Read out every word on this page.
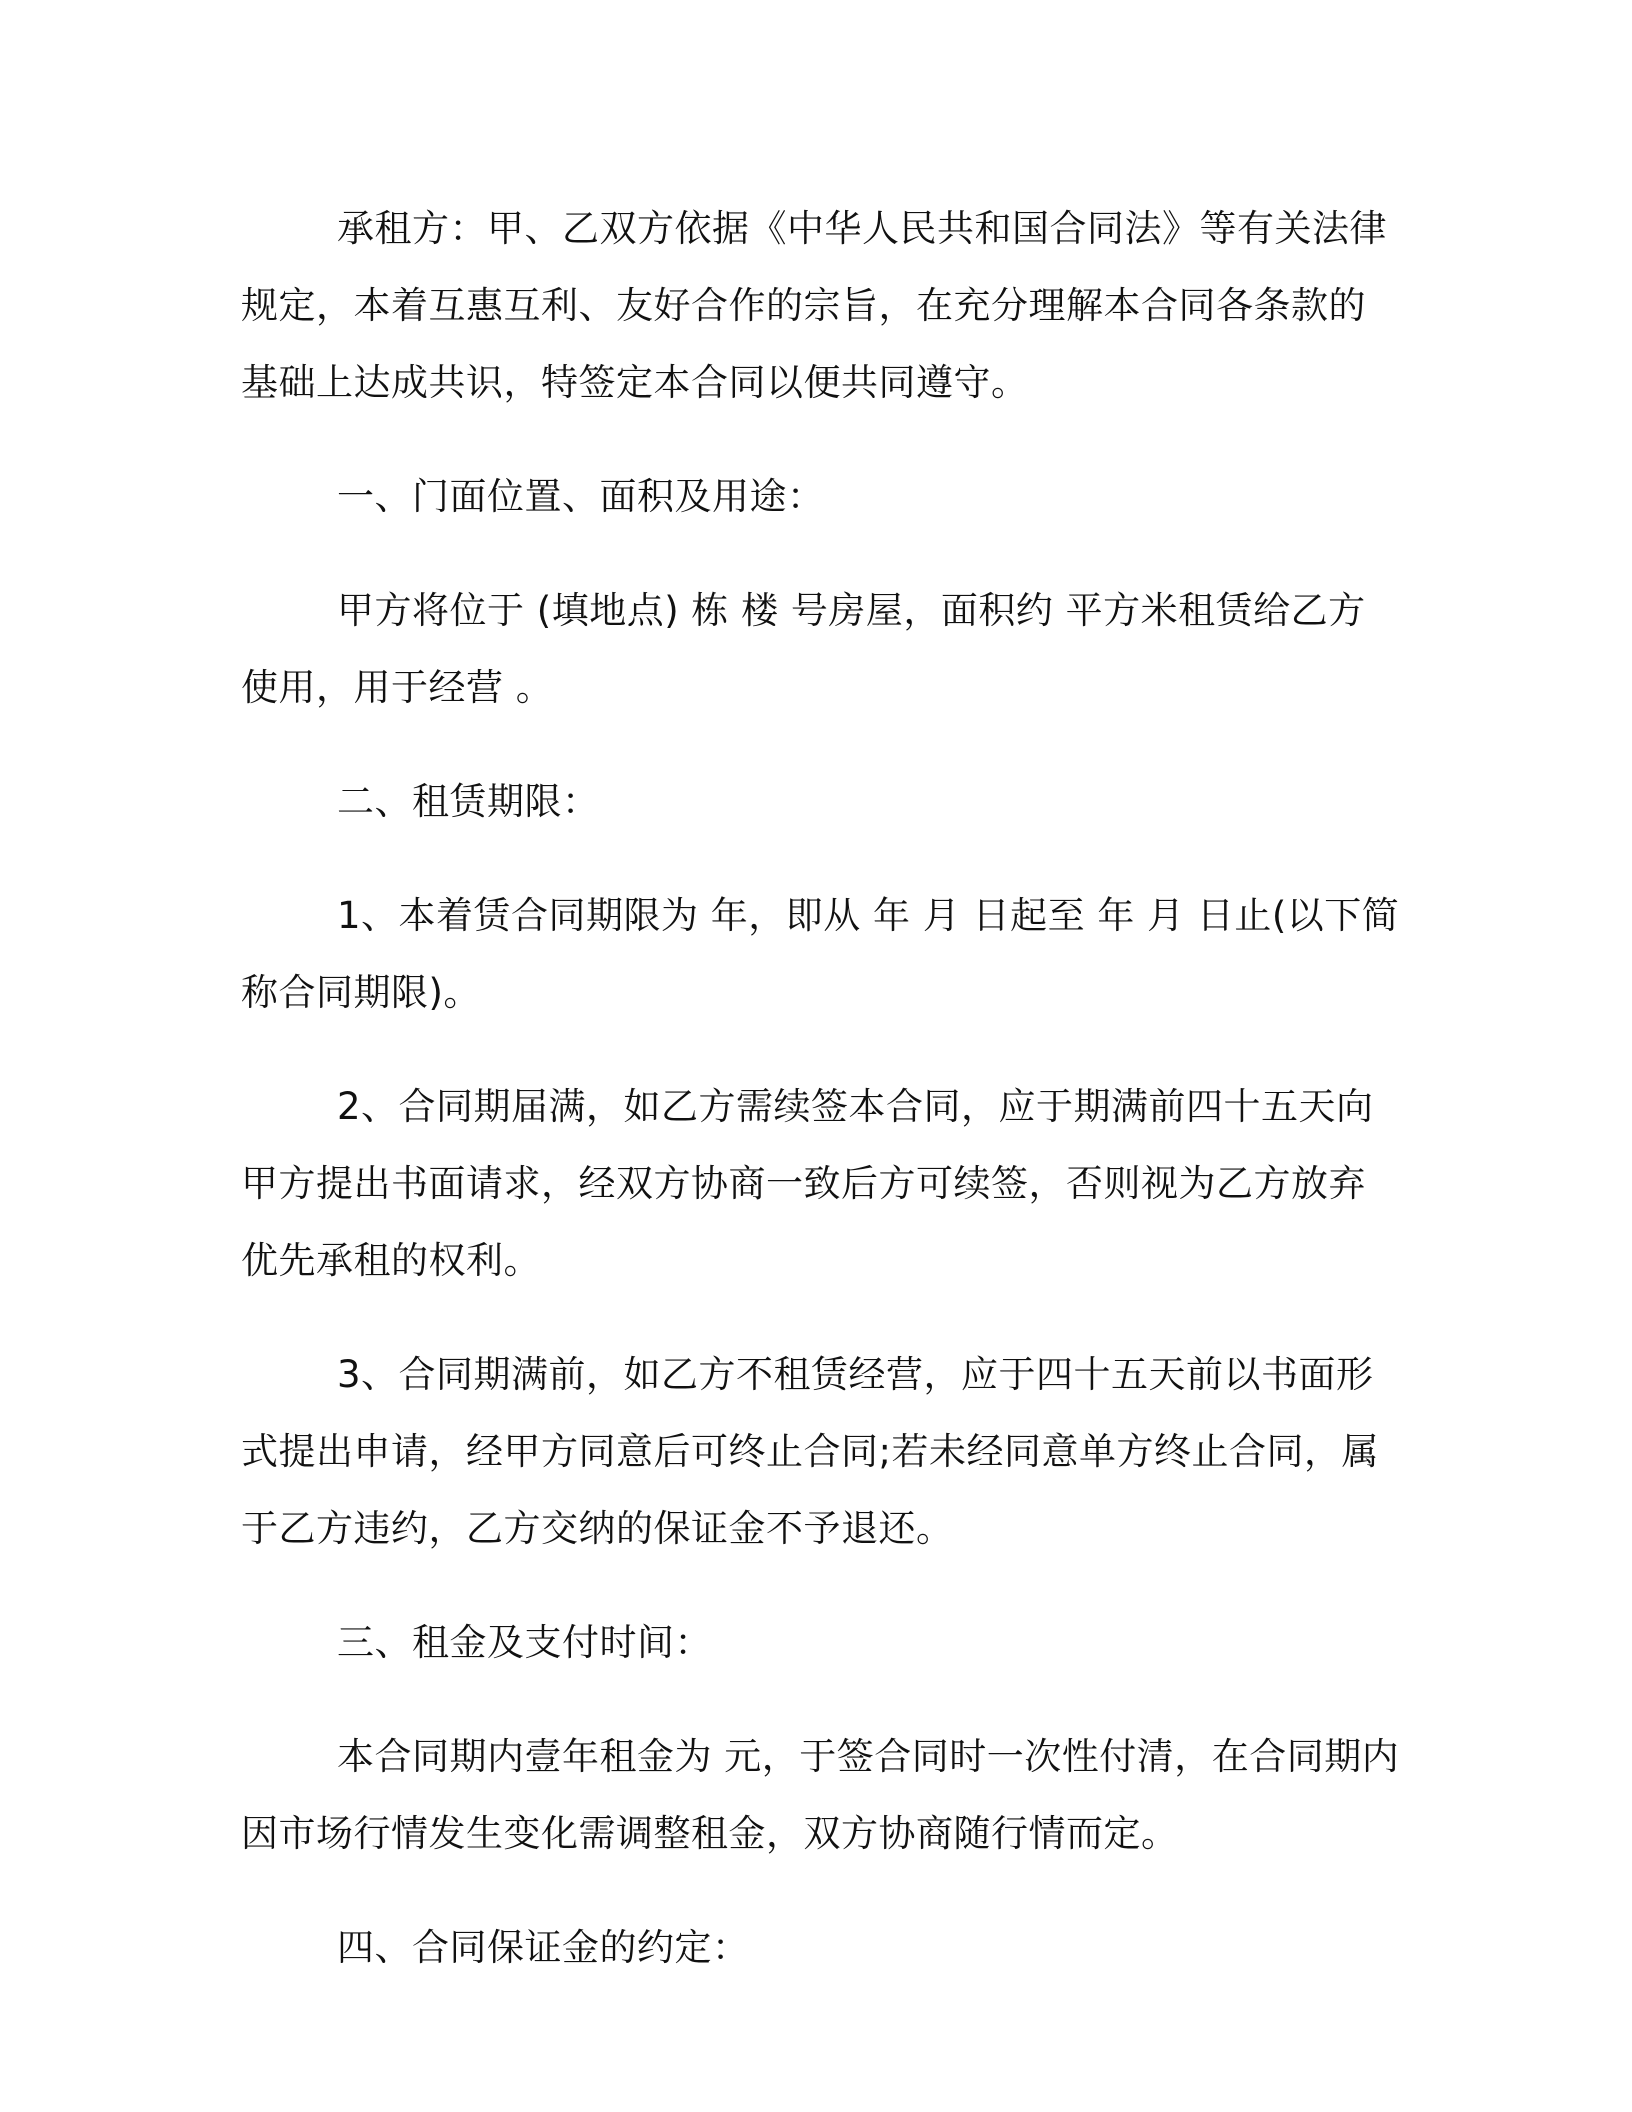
承租方：甲、乙双方依据《中华人民共和国合同法》等有关法律规定，本着互惠互利、友好合作的宗旨，在充分理解本合同各条款的基础上达成共识，特签定本合同以便共同遵守。

一、门面位置、面积及用途：

甲方将位于 (填地点) 栋 楼 号房屋，面积约 平方米租赁给乙方使用，用于经营 。

二、租赁期限：

1、本着赁合同期限为 年，即从 年 月 日起至 年 月 日止(以下简称合同期限)。

2、合同期届满，如乙方需续签本合同，应于期满前四十五天向甲方提出书面请求，经双方协商一致后方可续签，否则视为乙方放弃优先承租的权利。

3、合同期满前，如乙方不租赁经营，应于四十五天前以书面形式提出申请，经甲方同意后可终止合同;若未经同意单方终止合同，属于乙方违约，乙方交纳的保证金不予退还。

三、租金及支付时间：

本合同期内壹年租金为 元，于签合同时一次性付清，在合同期内因市场行情发生变化需调整租金，双方协商随行情而定。

四、合同保证金的约定：
